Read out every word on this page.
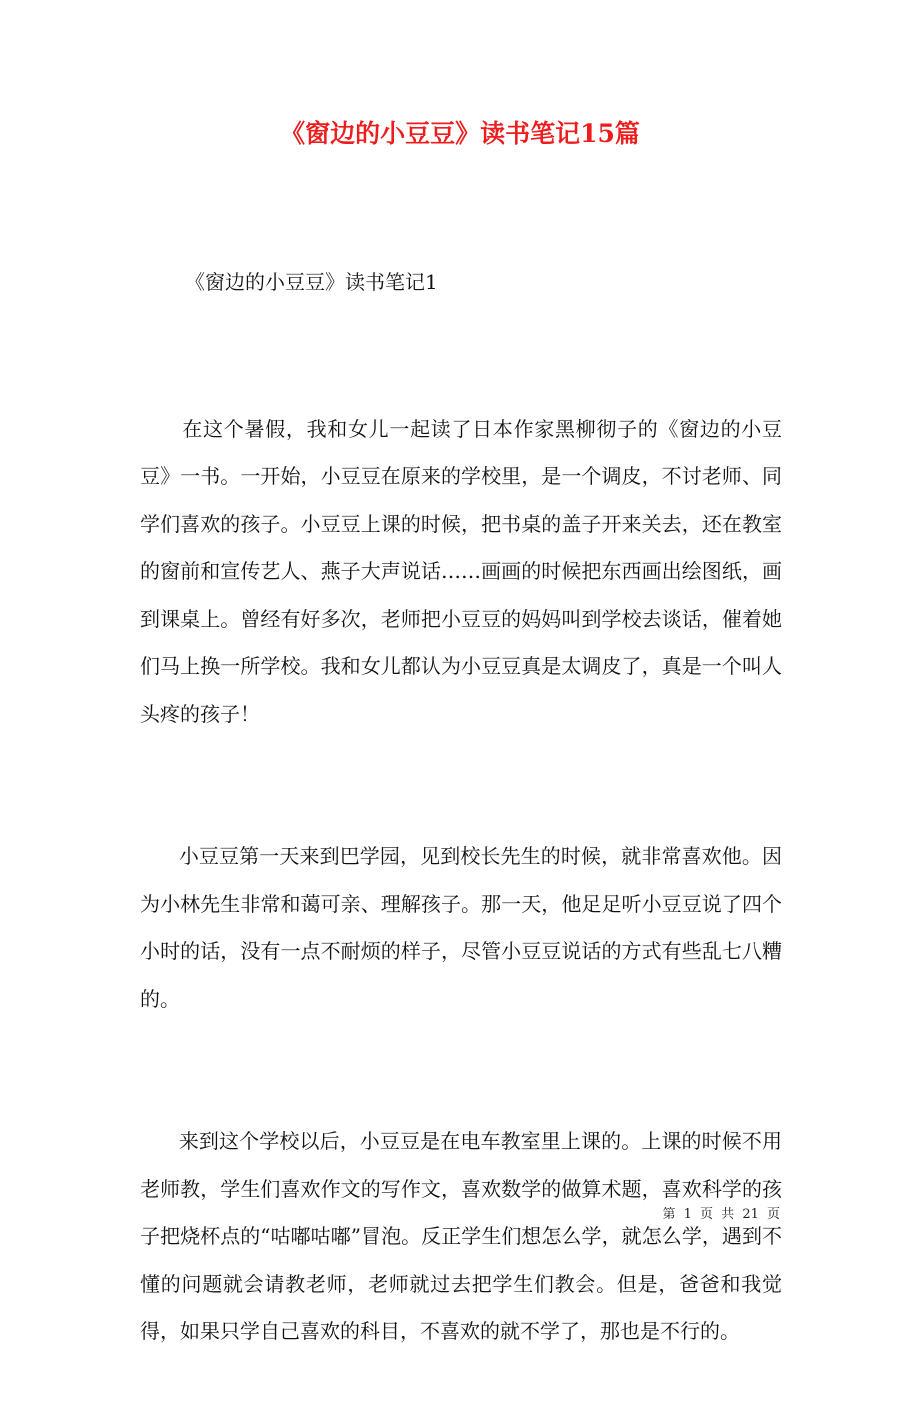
《窗边的小豆豆》读书笔记15篇
《窗边的小豆豆》读书笔记1

在这个暑假，我和女儿一起读了日本作家黑柳彻子的《窗边的小豆豆》一书。一开始，小豆豆在原来的学校里，是一个调皮，不讨老师、同学们喜欢的孩子。小豆豆上课的时候，把书桌的盖子开来关去，还在教室的窗前和宣传艺人、燕子大声说话……画画的时候把东西画出绘图纸，画到课桌上。曾经有好多次，老师把小豆豆的妈妈叫到学校去谈话，催着她们马上换一所学校。我和女儿都认为小豆豆真是太调皮了，真是一个叫人头疼的孩子！

小豆豆第一天来到巴学园，见到校长先生的时候，就非常喜欢他。因为小林先生非常和蔼可亲、理解孩子。那一天，他足足听小豆豆说了四个小时的话，没有一点不耐烦的样子，尽管小豆豆说话的方式有些乱七八糟的。

来到这个学校以后，小豆豆是在电车教室里上课的。上课的时候不用老师教，学生们喜欢作文的写作文，喜欢数学的做算术题，喜欢科学的孩子把烧杯点的“咕嘟咕嘟”冒泡。反正学生们想怎么学，就怎么学，遇到不懂的问题就会请教老师，老师就过去把学生们教会。但是，爸爸和我觉得，如果只学自己喜欢的科目，不喜欢的就不学了，那也是不行的。

第 1 页 共 21 页
